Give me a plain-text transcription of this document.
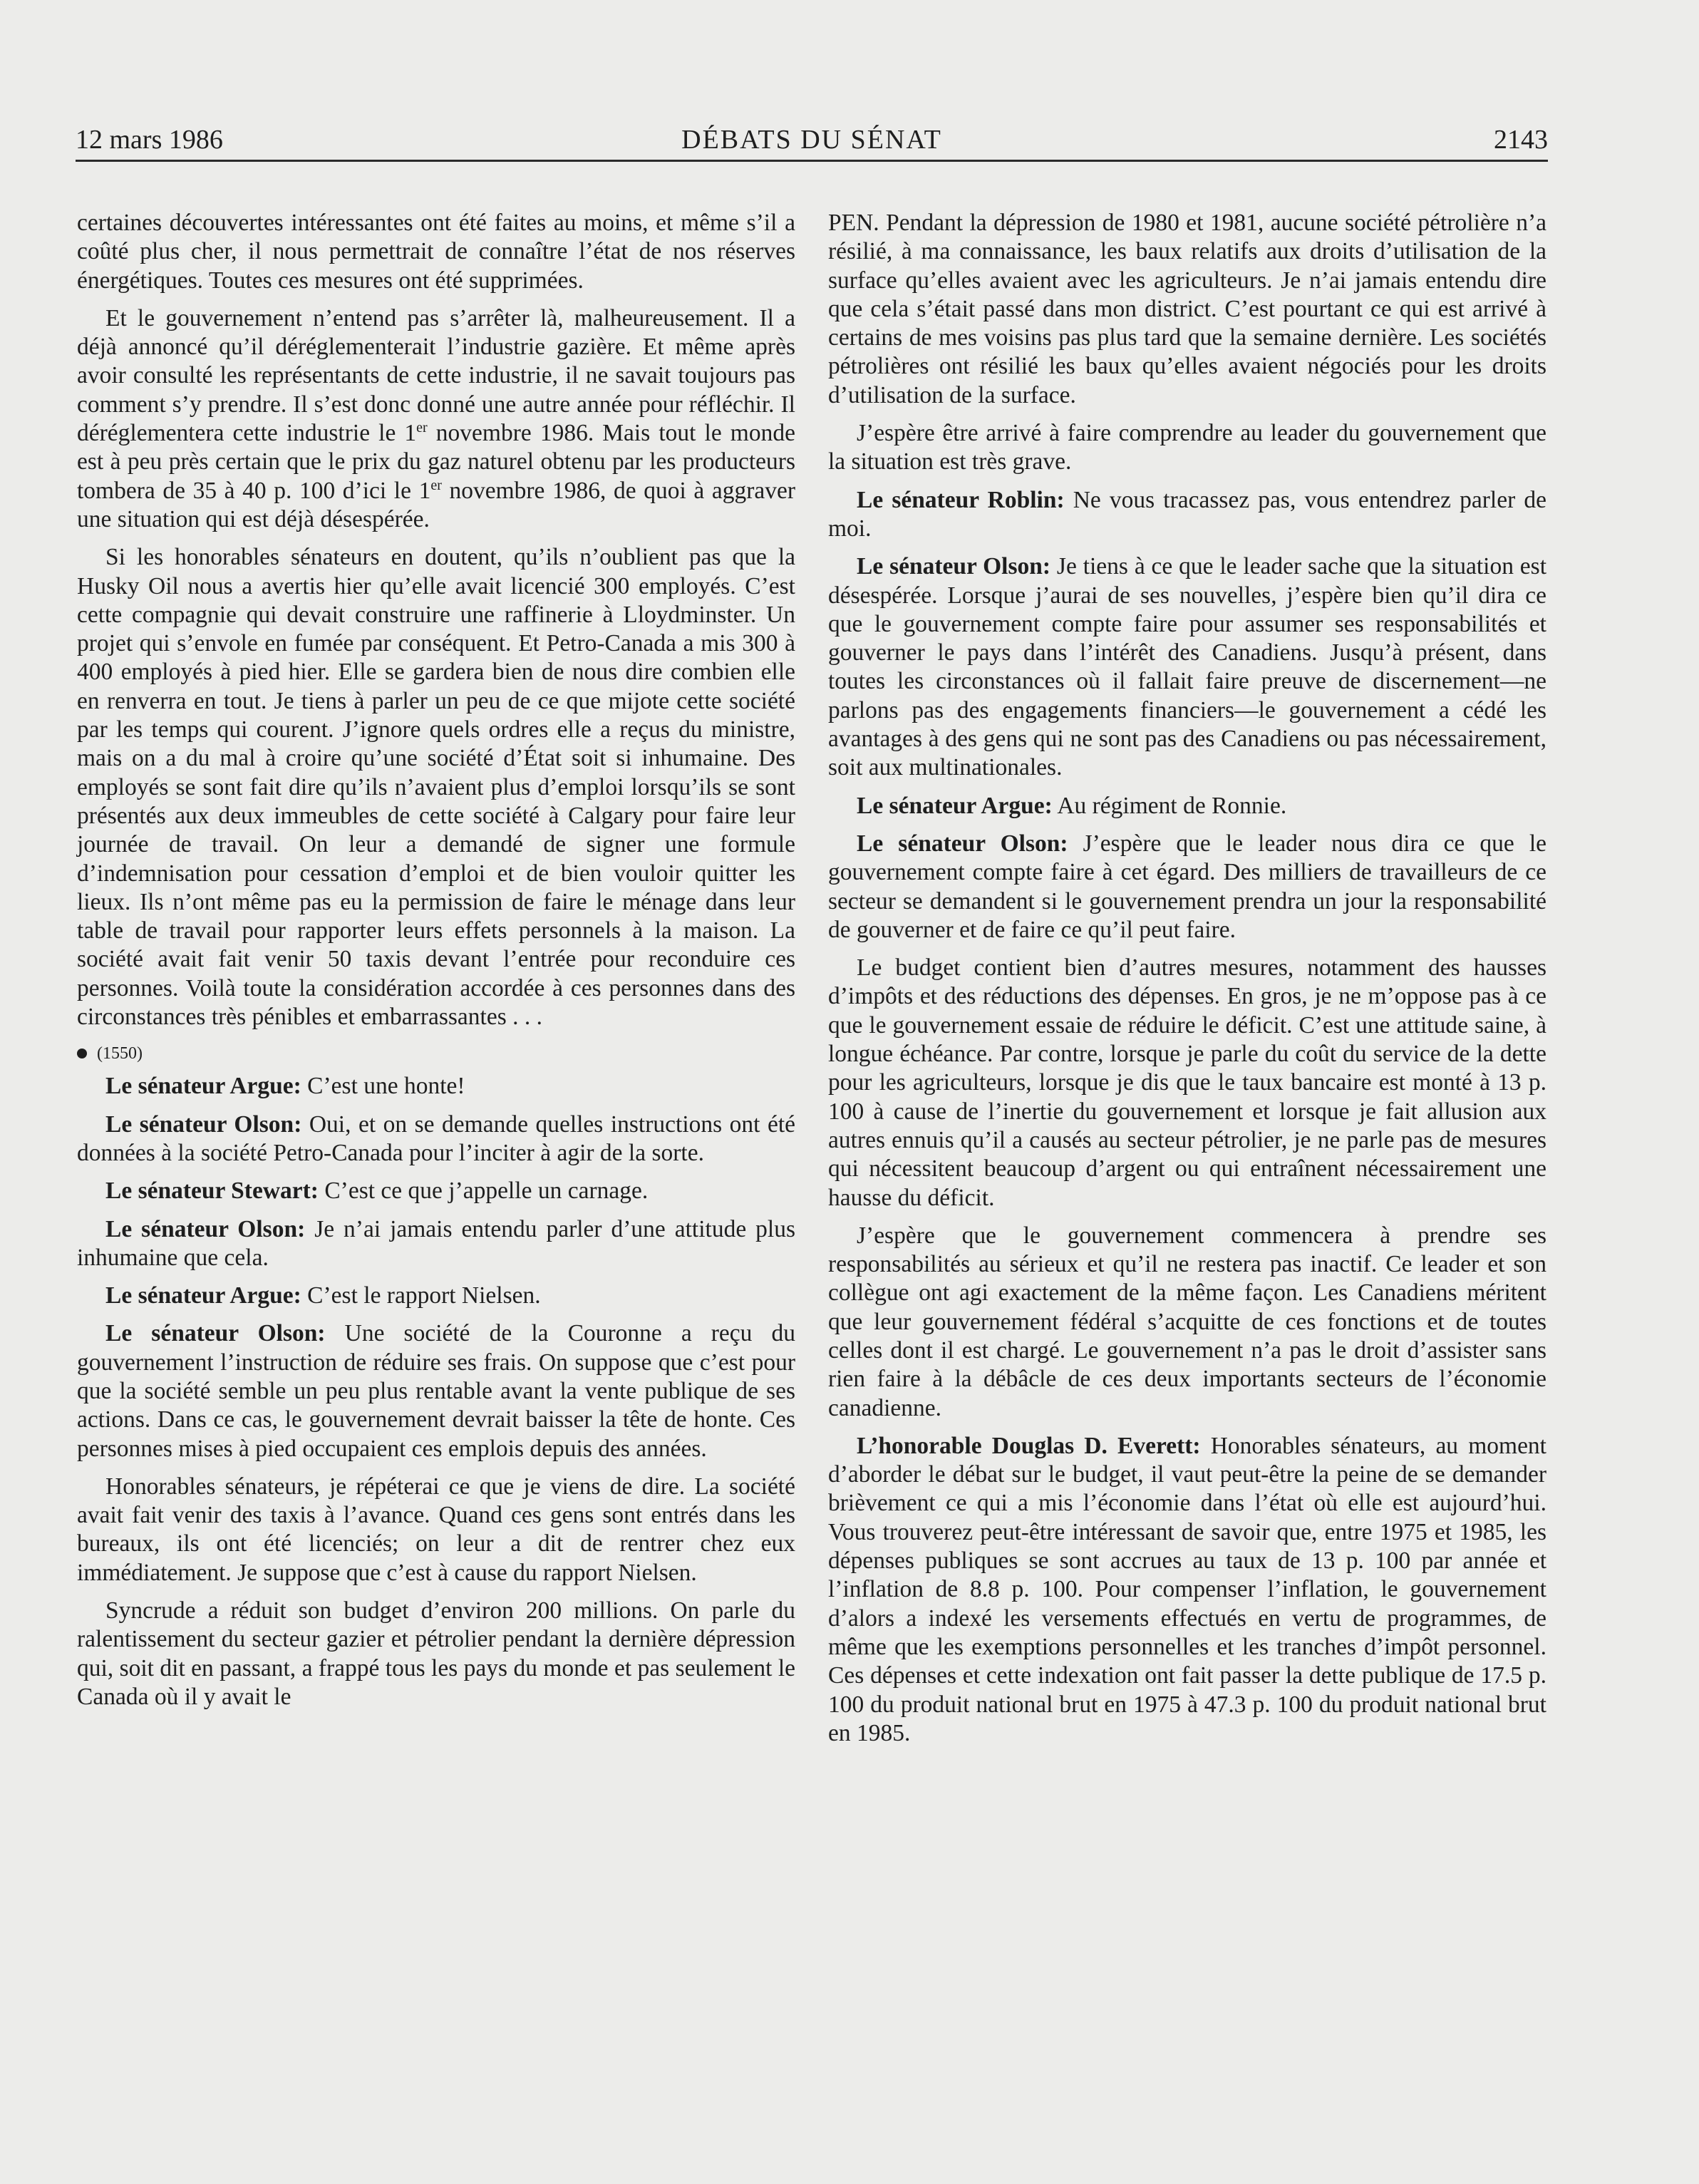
12 mars 1986	DÉBATS DU SÉNAT	2143

certaines découvertes intéressantes ont été faites au moins, et même s’il a coûté plus cher, il nous permettrait de connaître l’état de nos réserves énergétiques. Toutes ces mesures ont été supprimées.

Et le gouvernement n’entend pas s’arrêter là, malheureusement. Il a déjà annoncé qu’il déréglementerait l’industrie gazière. Et même après avoir consulté les représentants de cette industrie, il ne savait toujours pas comment s’y prendre. Il s’est donc donné une autre année pour réfléchir. Il déréglementera cette industrie le 1er novembre 1986. Mais tout le monde est à peu près certain que le prix du gaz naturel obtenu par les producteurs tombera de 35 à 40 p. 100 d’ici le 1er novembre 1986, de quoi à aggraver une situation qui est déjà désespérée.

Si les honorables sénateurs en doutent, qu’ils n’oublient pas que la Husky Oil nous a avertis hier qu’elle avait licencié 300 employés. C’est cette compagnie qui devait construire une raffinerie à Lloydminster. Un projet qui s’envole en fumée par conséquent. Et Petro-Canada a mis 300 à 400 employés à pied hier. Elle se gardera bien de nous dire combien elle en renverra en tout. Je tiens à parler un peu de ce que mijote cette société par les temps qui courent. J’ignore quels ordres elle a reçus du ministre, mais on a du mal à croire qu’une société d’État soit si inhumaine. Des employés se sont fait dire qu’ils n’avaient plus d’emploi lorsqu’ils se sont présentés aux deux immeubles de cette société à Calgary pour faire leur journée de travail. On leur a demandé de signer une formule d’indemnisation pour cessation d’emploi et de bien vouloir quitter les lieux. Ils n’ont même pas eu la permission de faire le ménage dans leur table de travail pour rapporter leurs effets personnels à la maison. La société avait fait venir 50 taxis devant l’entrée pour reconduire ces personnes. Voilà toute la considération accordée à ces personnes dans des circonstances très pénibles et embarrassantes . . .

(1550)

Le sénateur Argue: C’est une honte!

Le sénateur Olson: Oui, et on se demande quelles instructions ont été données à la société Petro-Canada pour l’inciter à agir de la sorte.

Le sénateur Stewart: C’est ce que j’appelle un carnage.

Le sénateur Olson: Je n’ai jamais entendu parler d’une attitude plus inhumaine que cela.

Le sénateur Argue: C’est le rapport Nielsen.

Le sénateur Olson: Une société de la Couronne a reçu du gouvernement l’instruction de réduire ses frais. On suppose que c’est pour que la société semble un peu plus rentable avant la vente publique de ses actions. Dans ce cas, le gouvernement devrait baisser la tête de honte. Ces personnes mises à pied occupaient ces emplois depuis des années.

Honorables sénateurs, je répéterai ce que je viens de dire. La société avait fait venir des taxis à l’avance. Quand ces gens sont entrés dans les bureaux, ils ont été licenciés; on leur a dit de rentrer chez eux immédiatement. Je suppose que c’est à cause du rapport Nielsen.

Syncrude a réduit son budget d’environ 200 millions. On parle du ralentissement du secteur gazier et pétrolier pendant la dernière dépression qui, soit dit en passant, a frappé tous les pays du monde et pas seulement le Canada où il y avait le

PEN. Pendant la dépression de 1980 et 1981, aucune société pétrolière n’a résilié, à ma connaissance, les baux relatifs aux droits d’utilisation de la surface qu’elles avaient avec les agriculteurs. Je n’ai jamais entendu dire que cela s’était passé dans mon district. C’est pourtant ce qui est arrivé à certains de mes voisins pas plus tard que la semaine dernière. Les sociétés pétrolières ont résilié les baux qu’elles avaient négociés pour les droits d’utilisation de la surface.

J’espère être arrivé à faire comprendre au leader du gouvernement que la situation est très grave.

Le sénateur Roblin: Ne vous tracassez pas, vous entendrez parler de moi.

Le sénateur Olson: Je tiens à ce que le leader sache que la situation est désespérée. Lorsque j’aurai de ses nouvelles, j’espère bien qu’il dira ce que le gouvernement compte faire pour assumer ses responsabilités et gouverner le pays dans l’intérêt des Canadiens. Jusqu’à présent, dans toutes les circonstances où il fallait faire preuve de discernement—ne parlons pas des engagements financiers—le gouvernement a cédé les avantages à des gens qui ne sont pas des Canadiens ou pas nécessairement, soit aux multinationales.

Le sénateur Argue: Au régiment de Ronnie.

Le sénateur Olson: J’espère que le leader nous dira ce que le gouvernement compte faire à cet égard. Des milliers de travailleurs de ce secteur se demandent si le gouvernement prendra un jour la responsabilité de gouverner et de faire ce qu’il peut faire.

Le budget contient bien d’autres mesures, notamment des hausses d’impôts et des réductions des dépenses. En gros, je ne m’oppose pas à ce que le gouvernement essaie de réduire le déficit. C’est une attitude saine, à longue échéance. Par contre, lorsque je parle du coût du service de la dette pour les agriculteurs, lorsque je dis que le taux bancaire est monté à 13 p. 100 à cause de l’inertie du gouvernement et lorsque je fait allusion aux autres ennuis qu’il a causés au secteur pétrolier, je ne parle pas de mesures qui nécessitent beaucoup d’argent ou qui entraînent nécessairement une hausse du déficit.

J’espère que le gouvernement commencera à prendre ses responsabilités au sérieux et qu’il ne restera pas inactif. Ce leader et son collègue ont agi exactement de la même façon. Les Canadiens méritent que leur gouvernement fédéral s’acquitte de ces fonctions et de toutes celles dont il est chargé. Le gouvernement n’a pas le droit d’assister sans rien faire à la débâcle de ces deux importants secteurs de l’économie canadienne.

L’honorable Douglas D. Everett: Honorables sénateurs, au moment d’aborder le débat sur le budget, il vaut peut-être la peine de se demander brièvement ce qui a mis l’économie dans l’état où elle est aujourd’hui. Vous trouverez peut-être intéressant de savoir que, entre 1975 et 1985, les dépenses publiques se sont accrues au taux de 13 p. 100 par année et l’inflation de 8.8 p. 100. Pour compenser l’inflation, le gouvernement d’alors a indexé les versements effectués en vertu de programmes, de même que les exemptions personnelles et les tranches d’impôt personnel. Ces dépenses et cette indexation ont fait passer la dette publique de 17.5 p. 100 du produit national brut en 1975 à 47.3 p. 100 du produit national brut en 1985.
